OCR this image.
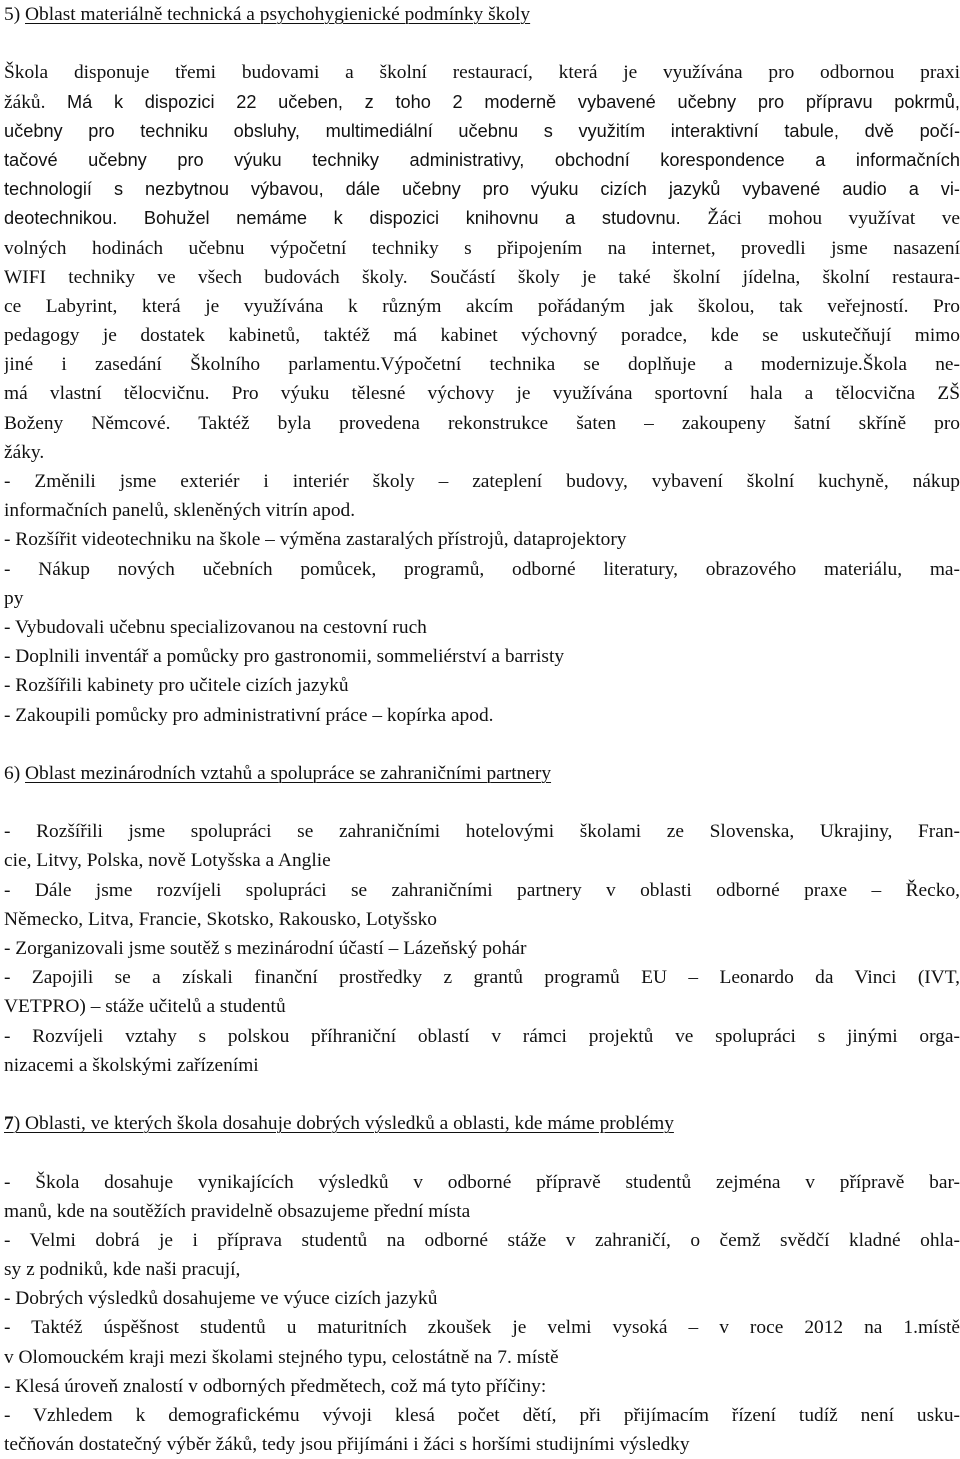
5) Oblast materiálně technická a psychohygienické podmínky školy
Škola disponuje třemi budovami a školní restaurací, která je využívána pro odbornou praxi
žáků. Má k dispozici 22 učeben, z toho 2 moderně vybavené učebny pro přípravu pokrmů,
učebny pro techniku obsluhy, multimediální učebnu s využitím interaktivní tabule, dvě počí-
tačové učebny pro výuku techniky administrativy, obchodní korespondence a informačních
technologií s nezbytnou výbavou, dále učebny pro výuku cizích jazyků vybavené audio a vi-
deotechnikou. Bohužel nemáme k dispozici knihovnu a studovnu. Žáci mohou využívat ve
volných hodinách učebnu výpočetní techniky s připojením na internet, provedli jsme nasazení
WIFI techniky ve všech budovách školy. Součástí školy je také školní jídelna, školní restaura-
ce Labyrint, která je využívána k různým akcím pořádaným jak školou, tak veřejností. Pro
pedagogy je dostatek kabinetů, taktéž má kabinet výchovný poradce, kde se uskutečňují mimo
jiné i zasedání Školního parlamentu.Výpočetní technika se doplňuje a modernizuje.Škola ne-
má vlastní tělocvičnu. Pro výuku tělesné výchovy je využívána sportovní hala a tělocvična ZŠ
Boženy Němcové. Taktéž byla provedena rekonstrukce šaten – zakoupeny šatní skříně pro
žáky.
- Změnili jsme exteriér i interiér školy – zateplení budovy, vybavení školní kuchyně, nákup
informačních panelů, skleněných vitrín apod.
- Rozšířit videotechniku na škole – výměna zastaralých přístrojů, dataprojektory
- Nákup nových učebních pomůcek, programů, odborné literatury, obrazového materiálu, ma-
py
- Vybudovali učebnu specializovanou na cestovní ruch
- Doplnili inventář a pomůcky pro gastronomii, sommeliérství a barristy
- Rozšířili kabinety pro učitele cizích jazyků
- Zakoupili pomůcky pro administrativní práce – kopírka apod.
6) Oblast mezinárodních vztahů a spolupráce se zahraničními partnery
- Rozšířili jsme spolupráci se zahraničními hotelovými školami ze Slovenska, Ukrajiny, Fran-
cie, Litvy, Polska, nově Lotyšska a Anglie
- Dále jsme rozvíjeli spolupráci se zahraničními partnery v oblasti odborné praxe – Řecko,
Německo, Litva, Francie, Skotsko, Rakousko, Lotyšsko
- Zorganizovali jsme soutěž s mezinárodní účastí – Lázeňský pohár
- Zapojili se a získali finanční prostředky z grantů programů EU – Leonardo da Vinci (IVT,
VETPRO) – stáže učitelů a studentů
- Rozvíjeli vztahy s polskou příhraniční oblastí v rámci projektů ve spolupráci s jinými orga-
nizacemi a školskými zařízeními
7) Oblasti, ve kterých škola dosahuje dobrých výsledků a oblasti, kde máme problémy
- Škola dosahuje vynikajících výsledků v odborné přípravě studentů zejména v přípravě bar-
manů, kde na soutěžích pravidelně obsazujeme přední místa
- Velmi dobrá je i příprava studentů na odborné stáže v zahraničí, o čemž svědčí kladné ohla-
sy z podniků, kde naši pracují,
- Dobrých výsledků dosahujeme ve výuce cizích jazyků
- Taktéž úspěšnost studentů u maturitních zkoušek je velmi vysoká – v roce 2012 na 1.místě
v Olomouckém kraji mezi školami stejného typu, celostátně na 7. místě
- Klesá úroveň znalostí v odborných předmětech, což má tyto příčiny:
- Vzhledem k demografickému vývoji klesá počet dětí, při přijímacím řízení tudíž není usku-
tečňován dostatečný výběr žáků, tedy jsou přijímáni i žáci s horšími studijními výsledky
